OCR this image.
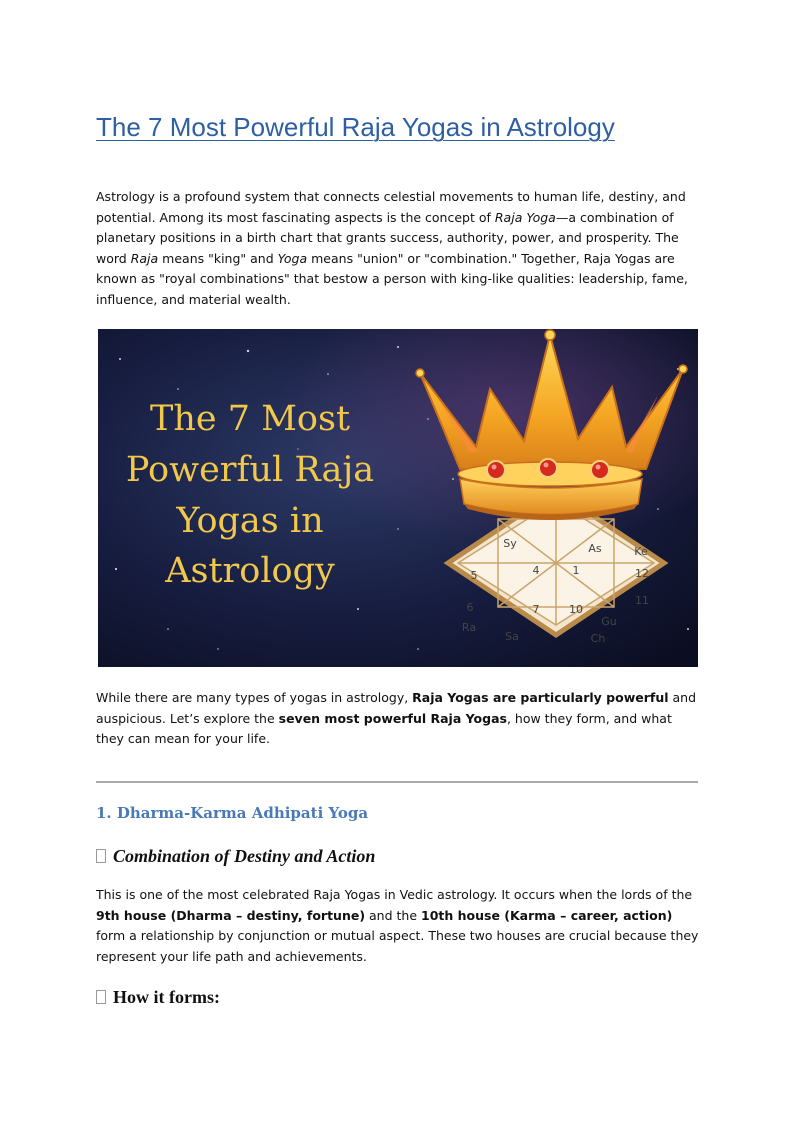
The 7 Most Powerful Raja Yogas in Astrology

Astrology is a profound system that connects celestial movements to human life, destiny, and potential. Among its most fascinating aspects is the concept of Raja Yoga—a combination of planetary positions in a birth chart that grants success, authority, power, and prosperity. The word Raja means "king" and Yoga means "union" or "combination." Together, Raja Yogas are known as "royal combinations" that bestow a person with king-like qualities: leadership, fame, influence, and material wealth.

The 7 Most
Powerful Raja
Yogas in
Astrology
Sy	As	Ke
4	1	12
5
11
6	7	10
Ra
Sa
Gu
Ch

While there are many types of yogas in astrology, Raja Yogas are particularly powerful and auspicious. Let’s explore the seven most powerful Raja Yogas, how they form, and what they can mean for your life.

1. Dharma-Karma Adhipati Yoga
Combination of Destiny and Action

This is one of the most celebrated Raja Yogas in Vedic astrology. It occurs when the lords of the 9th house (Dharma – destiny, fortune) and the 10th house (Karma – career, action) form a relationship by conjunction or mutual aspect. These two houses are crucial because they represent your life path and achievements.

How it forms:
